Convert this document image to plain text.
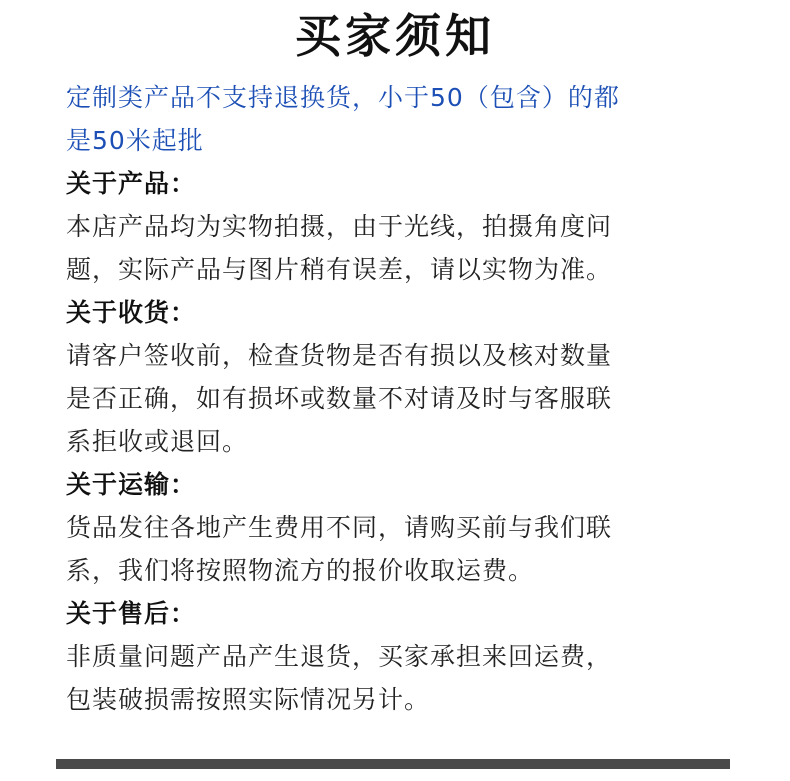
买家须知
定制类产品不支持退换货，小于50（包含）的都
是50米起批
关于产品：
本店产品均为实物拍摄，由于光线，拍摄角度问
题，实际产品与图片稍有误差，请以实物为准。
关于收货：
请客户签收前，检查货物是否有损以及核对数量
是否正确，如有损坏或数量不对请及时与客服联
系拒收或退回。
关于运输：
货品发往各地产生费用不同，请购买前与我们联
系，我们将按照物流方的报价收取运费。
关于售后：
非质量问题产品产生退货，买家承担来回运费，
包装破损需按照实际情况另计。
